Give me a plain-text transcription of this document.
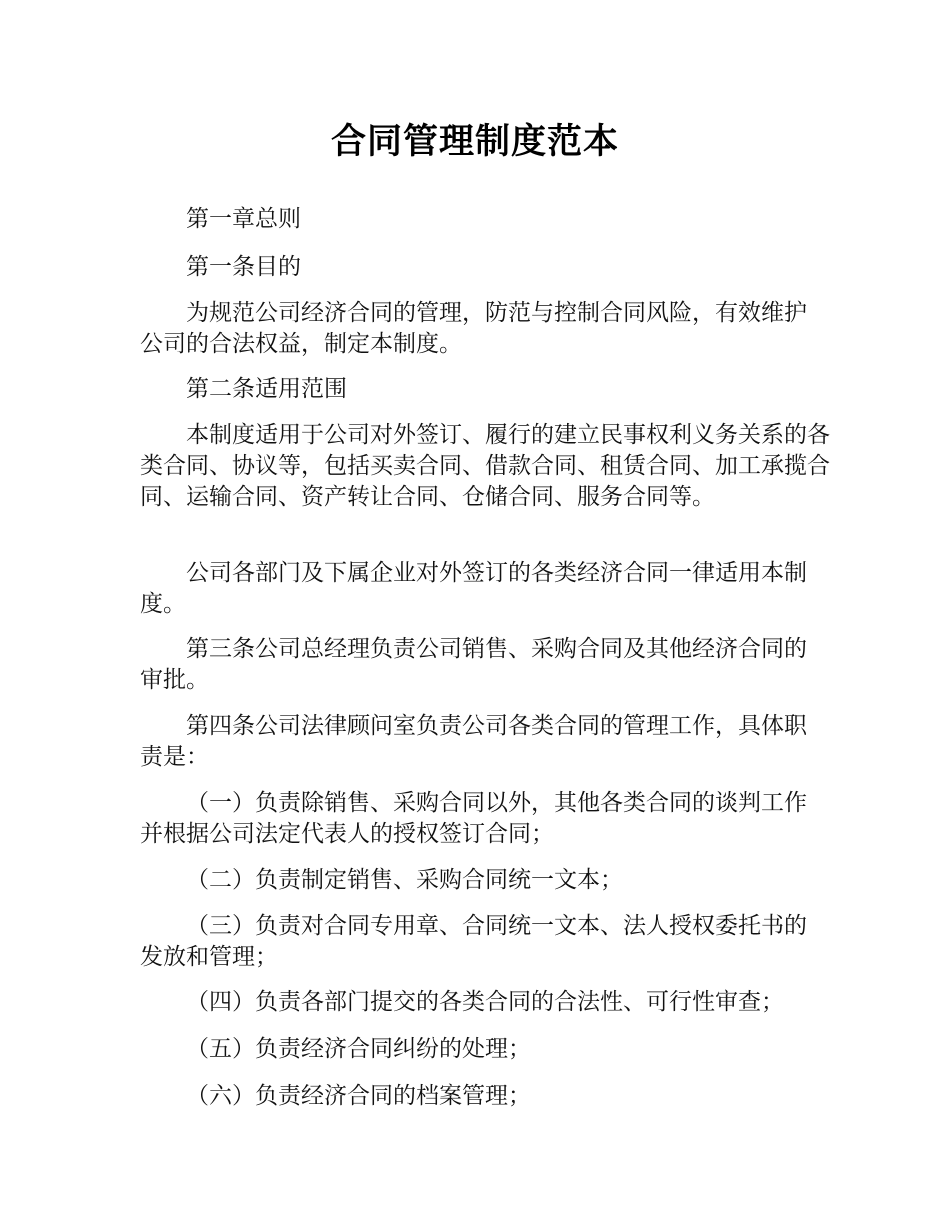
合同管理制度范本

第一章总则

第一条目的

为规范公司经济合同的管理，防范与控制合同风险，有效维护公司的合法权益，制定本制度。

第二条适用范围

本制度适用于公司对外签订、履行的建立民事权利义务关系的各类合同、协议等，包括买卖合同、借款合同、租赁合同、加工承揽合同、运输合同、资产转让合同、仓储合同、服务合同等。

公司各部门及下属企业对外签订的各类经济合同一律适用本制度。

第三条公司总经理负责公司销售、采购合同及其他经济合同的审批。

第四条公司法律顾问室负责公司各类合同的管理工作，具体职责是：

（一）负责除销售、采购合同以外，其他各类合同的谈判工作并根据公司法定代表人的授权签订合同；

（二）负责制定销售、采购合同统一文本；

（三）负责对合同专用章、合同统一文本、法人授权委托书的发放和管理；

（四）负责各部门提交的各类合同的合法性、可行性审查；

（五）负责经济合同纠纷的处理；

（六）负责经济合同的档案管理；
